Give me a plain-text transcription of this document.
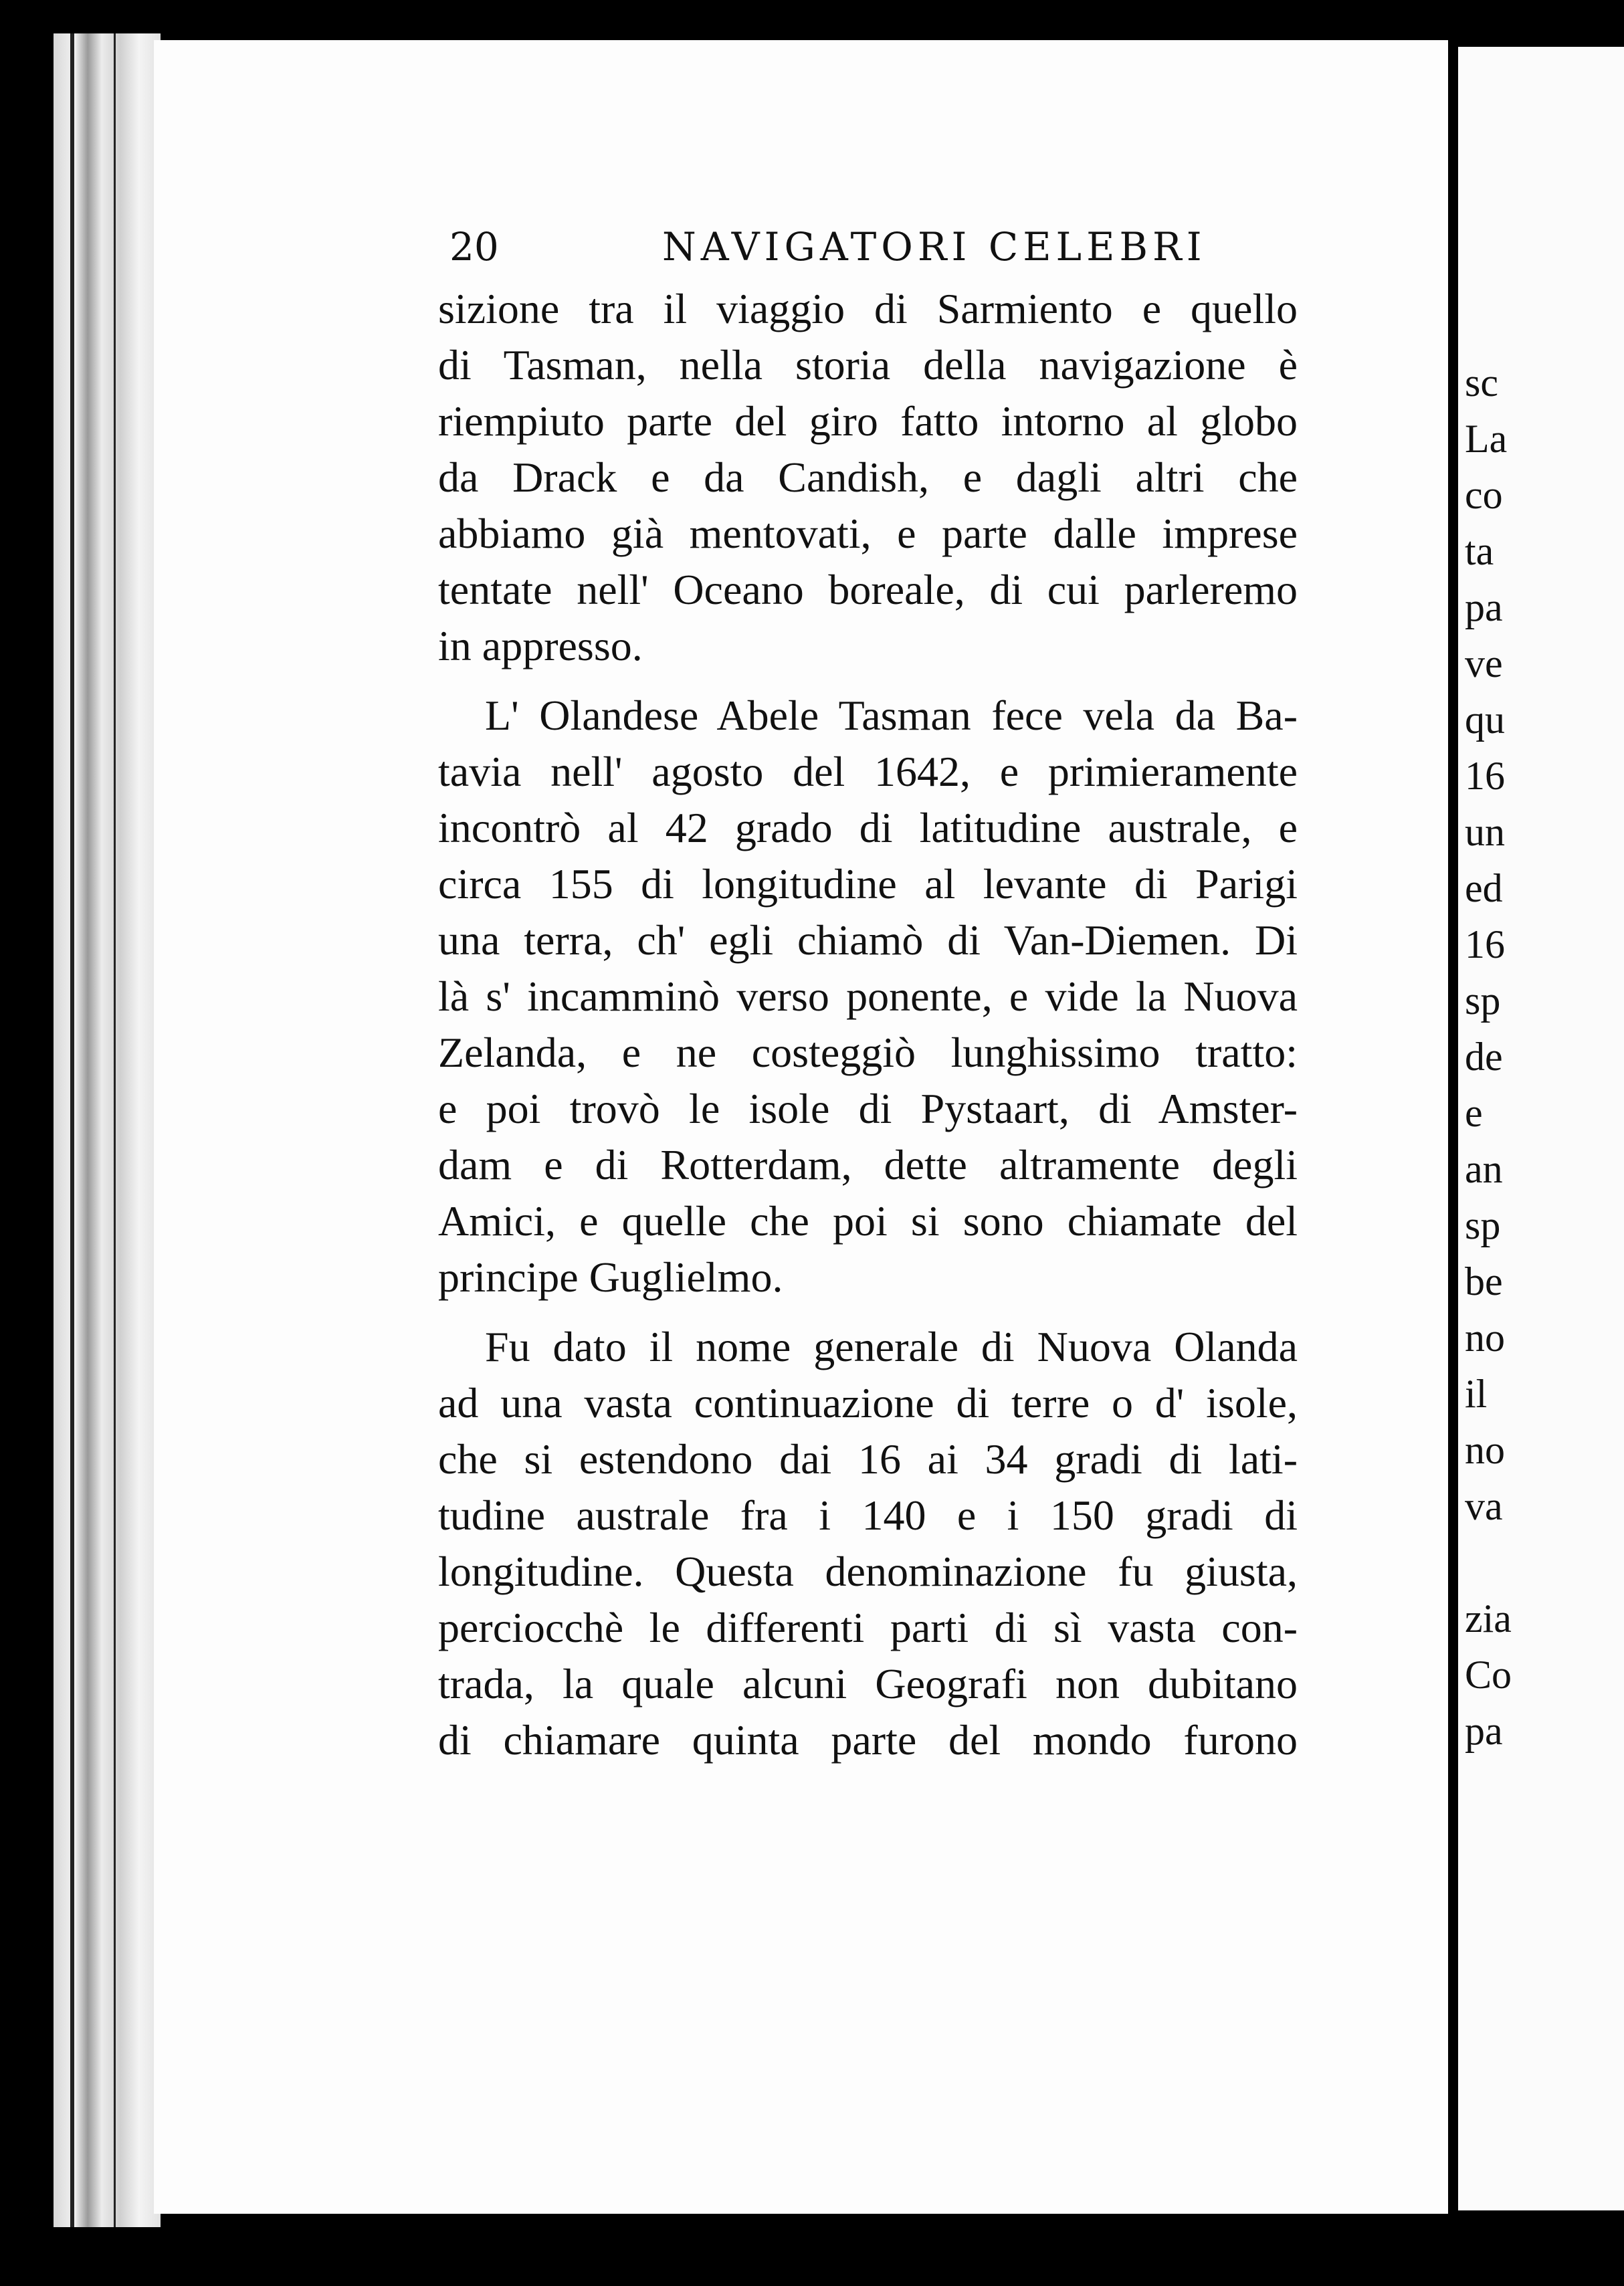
20	NAVIGATORI CELEBRI
sizione tra il viaggio di Sarmiento e quello
di Tasman, nella storia della navigazione è
riempiuto parte del giro fatto intorno al globo
da Drack e da Candish, e dagli altri che
abbiamo già mentovati, e parte dalle imprese
tentate nell' Oceano boreale, di cui parleremo
in appresso.
L' Olandese Abele Tasman fece vela da Ba-
tavia nell' agosto del 1642, e primieramente
incontrò al 42 grado di latitudine australe, e
circa 155 di longitudine al levante di Parigi
una terra, ch' egli chiamò di Van-Diemen. Di
là s' incamminò verso ponente, e vide la Nuova
Zelanda, e ne costeggiò lunghissimo tratto:
e poi trovò le isole di Pystaart, di Amster-
dam e di Rotterdam, dette altramente degli
Amici, e quelle che poi si sono chiamate del
principe Guglielmo.
Fu dato il nome generale di Nuova Olanda
ad una vasta continuazione di terre o d' isole,
che si estendono dai 16 ai 34 gradi di lati-
tudine australe fra i 140 e i 150 gradi di
longitudine. Questa denominazione fu giusta,
perciocchè le differenti parti di sì vasta con-
trada, la quale alcuni Geografi non dubitano
di chiamare quinta parte del mondo furono
sc
La
co
ta
pa
ve
qu
16
un
ed
16
sp
de
e
an
sp
be
no
il
no
va
zia
Co
pa
